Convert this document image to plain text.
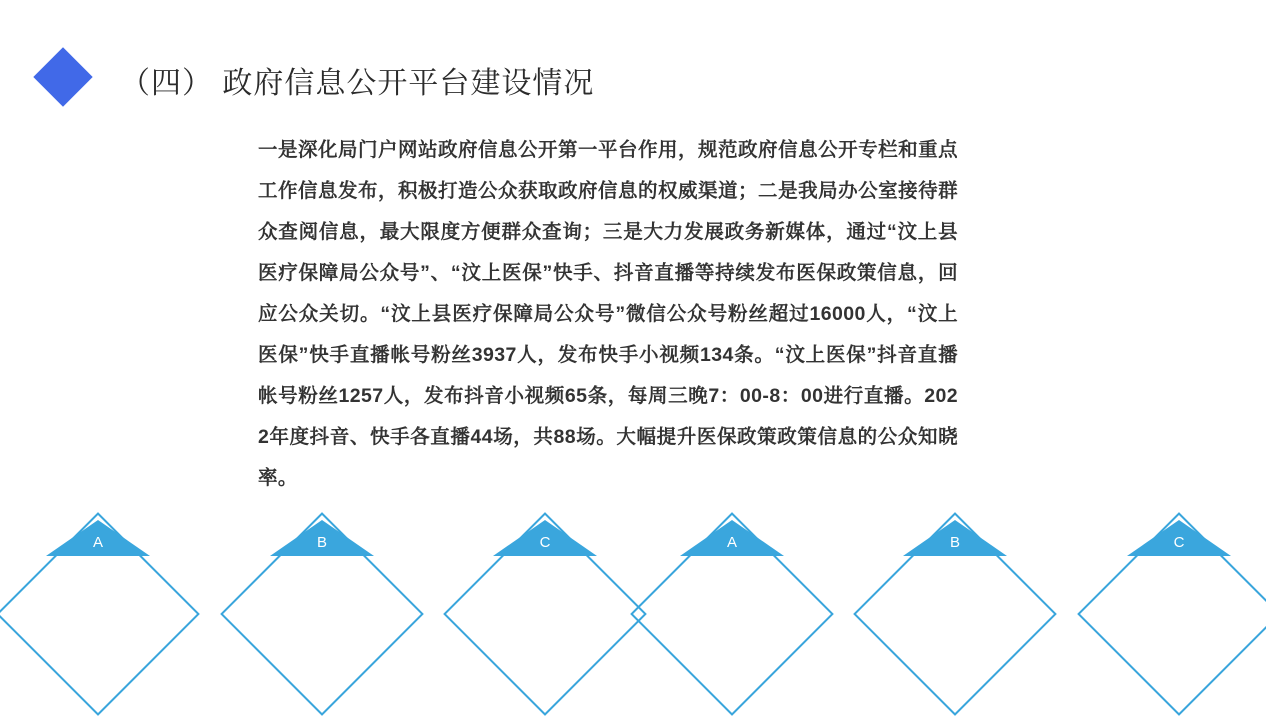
（四） 政府信息公开平台建设情况
一是深化局门户网站政府信息公开第一平台作用，规范政府信息公开专栏和重点工作信息发布，积极打造公众获取政府信息的权威渠道；二是我局办公室接待群众查阅信息，最大限度方便群众查询；三是大力发展政务新媒体，通过“汶上县医疗保障局公众号”、“汶上医保”快手、抖音直播等持续发布医保政策信息，回应公众关切。“汶上县医疗保障局公众号”微信公众号粉丝超过16000人，“汶上医保”快手直播帐号粉丝3937人，发布快手小视频134条。“汶上医保”抖音直播帐号粉丝1257人，发布抖音小视频65条，每周三晚7：00-8：00进行直播。2022年度抖音、快手各直播44场，共88场。大幅提升医保政策政策信息的公众知晓率。
A	B	C	A	B	C
